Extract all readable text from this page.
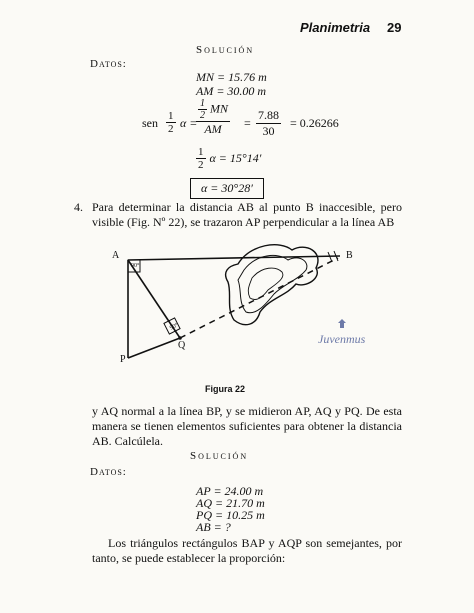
Planimetria 29
Solución
Datos:
MN = 15.76 m
AM = 30.00 m
sen $\frac{1}{2}$ α =
$\frac{\frac{1}{2} MN}{AM} = \frac{7.88}{30} = 0.26266$
$\frac{1}{2}$ α = 15°14′
α = 30°28′
4. Para determinar la distancia AB al punto B inaccesible, pero visible (Fig. Nº 22), se trazaron AP perpendicular a la línea AB
A	B
P
Q
90°
90°
Juvenmus
Figura 22
y AQ normal a la línea BP, y se midieron AP, AQ y PQ. De esta manera se tienen elementos suficientes para obtener la distancia AB. Calcúlela.
Solución
Datos:
AP = 24.00 m
AQ = 21.70 m
PQ = 10.25 m
AB = ?
Los triángulos rectángulos BAP y AQP son semejantes, por tanto, se puede establecer la proporción:
